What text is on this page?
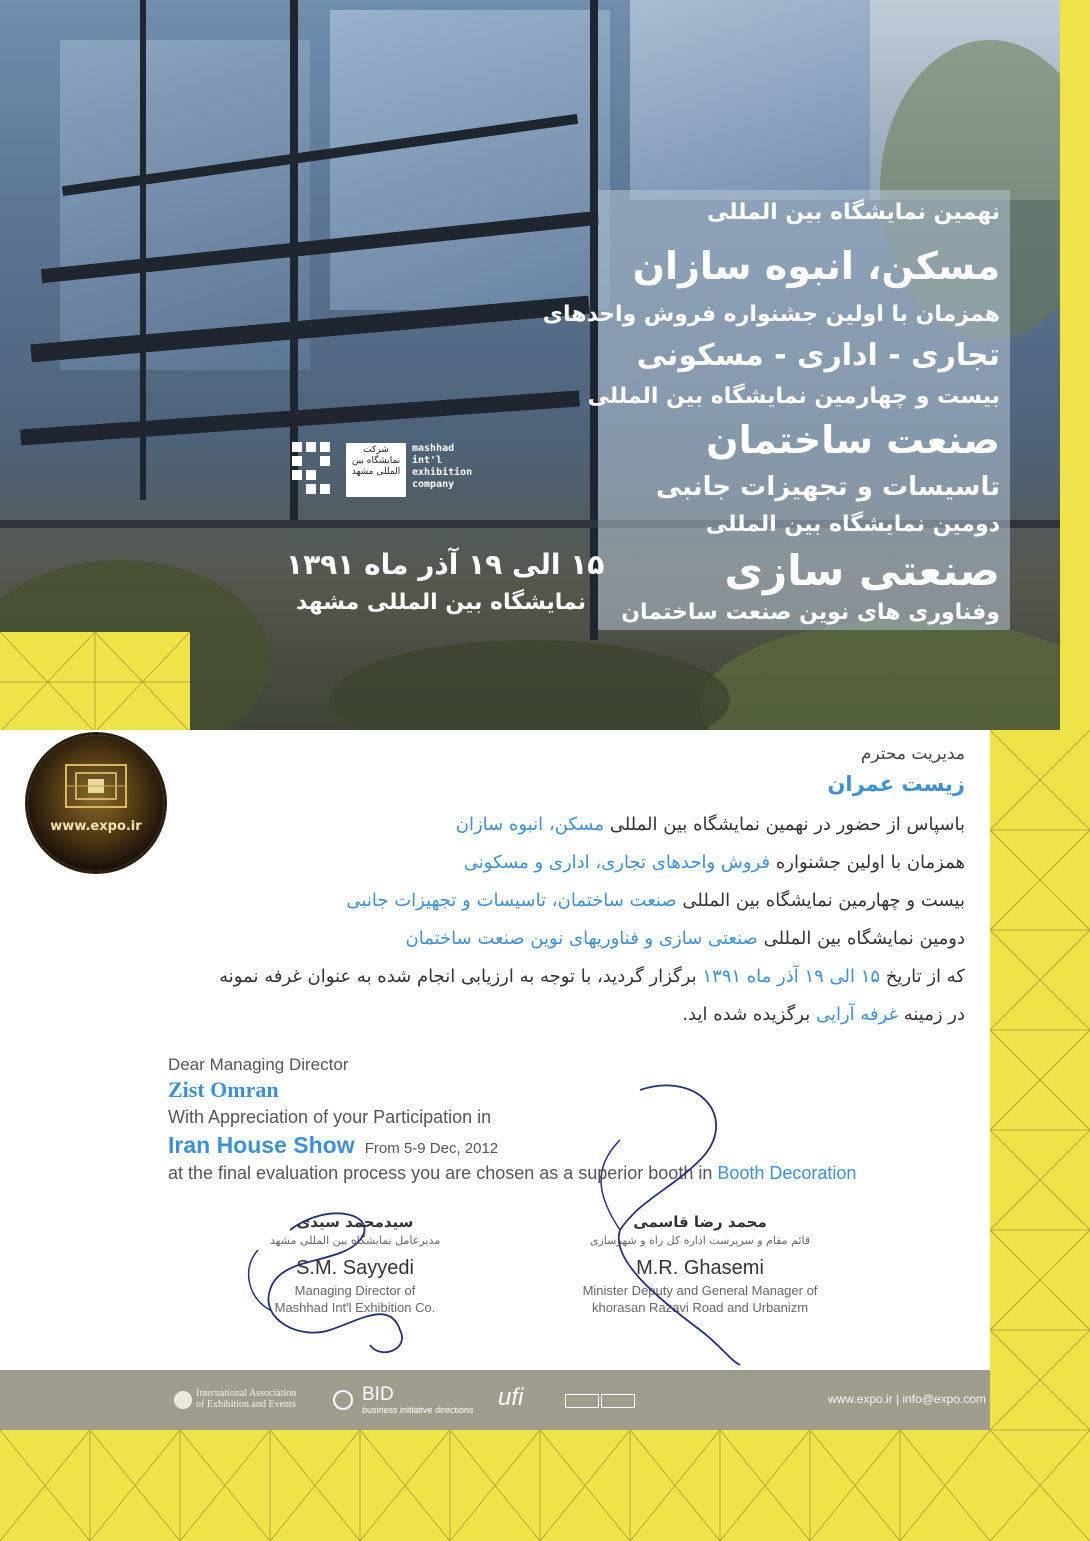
نهمین نمایشگاه بین المللی
مسکن، انبوه سازان
همزمان با اولین جشنواره فروش واحدهای
تجاری - اداری - مسکونی
بیست و چهارمین نمایشگاه بین المللی
صنعت ساختمان
تاسیسات و تجهیزات جانبی
دومین نمایشگاه بین المللی
صنعتی سازی
وفناوری های نوین صنعت ساختمان
شرکت نمایشگاه بین المللی مشهد
mashhad
int'l
exhibition
company
۱۵ الی ۱۹ آذر ماه ۱۳۹۱
نمایشگاه بین المللی مشهد
www.expo.ir
مدیریت محترم
زیست عمران
باسپاس از حضور در نهمین نمایشگاه بین المللی مسکن، انبوه سازان
همزمان با اولین جشنواره فروش واحدهای تجاری، اداری و مسکونی
بیست و چهارمین نمایشگاه بین المللی صنعت ساختمان، تاسیسات و تجهیزات جانبی
دومین نمایشگاه بین المللی صنعتی سازی و فناوریهای نوین صنعت ساختمان
که از تاریخ ۱۵ الی ۱۹ آذر ماه ۱۳۹۱ برگزار گردید، با توجه به ارزیابی انجام شده به عنوان غرفه نمونه
در زمینه غرفه آرایی برگزیده شده اید.
Dear Managing Director
Zist Omran
With Appreciation of your Participation in
Iran House Show From 5-9 Dec, 2012
at the final evaluation process you are chosen as a superior booth in Booth Decoration
سیدمحمد سیدی
مدیرعامل نمایشگاه بین المللی مشهد
S.M. Sayyedi
Managing Director of
Mashhad Int'l Exhibition Co.
محمد رضا قاسمی
قائم مقام و سرپرست اداره کل راه و شهرسازی
M.R. Ghasemi
Minister Deputy and General Manager of
khorasan Razavi Road and Urbanizm
International Association
of Exhibition and Events	BID
business initiative directions ufi	www.expo.ir | info@expo.com
